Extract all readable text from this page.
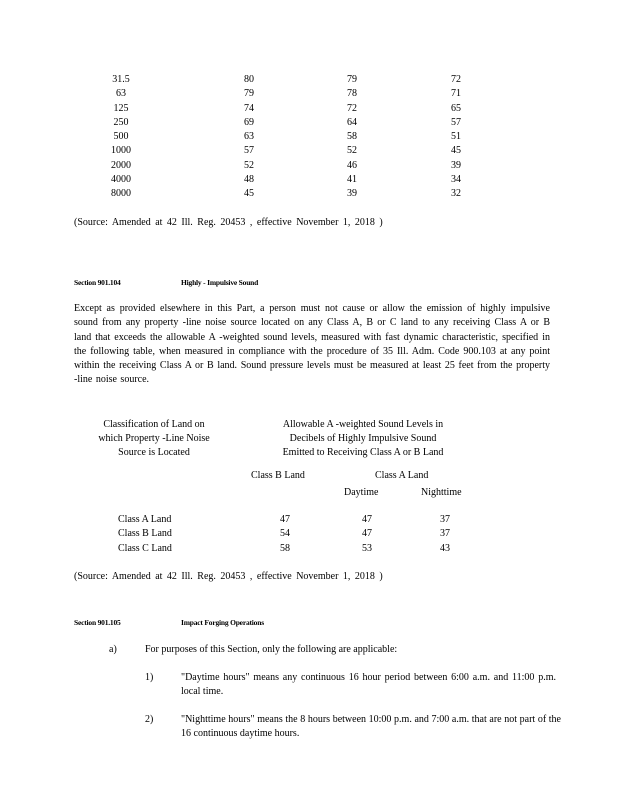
31.5	80	79	72
63	79	78	71
125	74	72	65
250	69	64	57
500	63	58	51
1000	57	52	45
2000	52	46	39
4000	48	41	34
8000	45	39	32
(Source: Amended at 42 Ill. Reg. 20453 , effective November 1, 2018 )
Section 901.104	Highly - Impulsive Sound
Except as provided elsewhere in this Part, a person must not cause or allow the emission of highly impulsive sound from any property -line noise source located on any Class A, B or C land to any receiving Class A or B land that exceeds the allowable A -weighted sound levels, measured with fast dynamic characteristic, specified in the following table, when measured in compliance with the procedure of 35 Ill. Adm. Code 900.103 at any point within the receiving Class A or B land. Sound pressure levels must be measured at least 25 feet from the property -line noise source.
Classification of Land on
which Property -Line Noise
Source is Located
Allowable A -weighted Sound Levels in
Decibels of Highly Impulsive Sound
Emitted to Receiving Class A or B Land
Class B Land	Class A Land
Daytime	Nighttime
Class A Land	47	47	37
Class B Land	54	47	37
Class C Land	58	53	43
(Source: Amended at 42 Ill. Reg. 20453 , effective November 1, 2018 )
Section 901.105	Impact Forging Operations
a)	For purposes of this Section, only the following are applicable:
1)	"Daytime hours" means any continuous 16 hour period between 6:00 a.m. and 11:00 p.m. local time.
2)	"Nighttime hours" means the 8 hours between 10:00 p.m. and 7:00 a.m. that are not part of the 16 continuous daytime hours.
